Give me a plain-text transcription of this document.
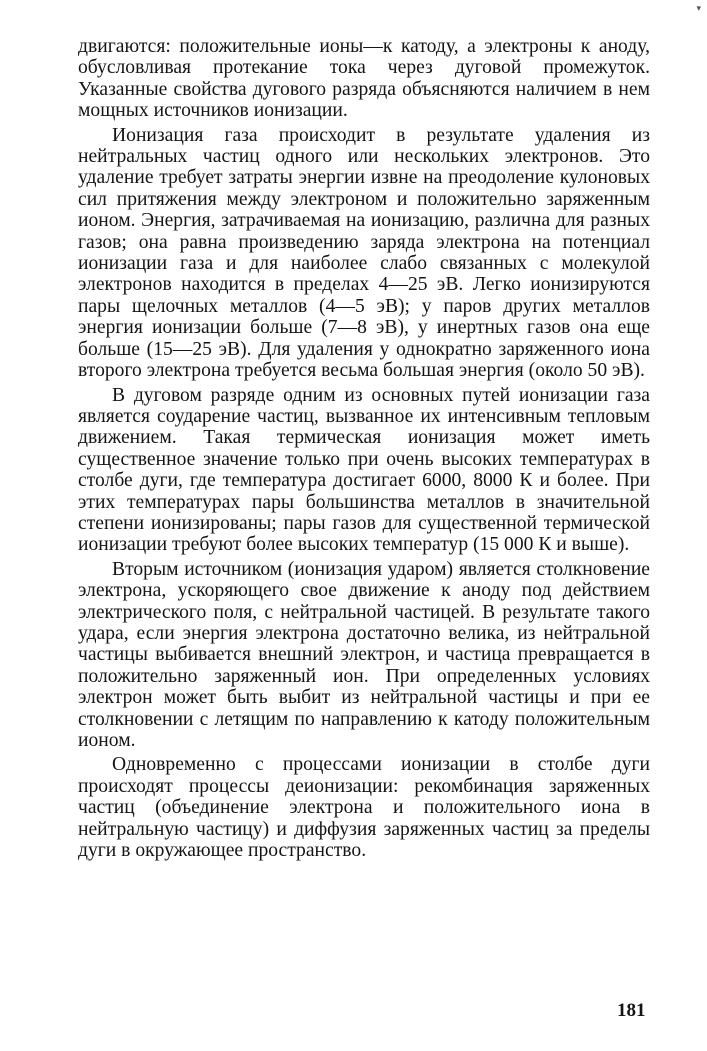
▾

двигаются: положительные ионы—к катоду, а электроны к аноду, обусловливая протекание тока через дуговой промежуток. Указанные свойства дугового разряда объясняются наличием в нем мощных источников ионизации.

Ионизация газа происходит в результате удаления из нейтральных частиц одного или нескольких электронов. Это удаление требует затраты энергии извне на преодоление кулоновых сил притяжения между электроном и положительно заряженным ионом. Энергия, затрачиваемая на ионизацию, различна для разных газов; она равна произведению заряда электрона на потенциал ионизации газа и для наиболее слабо связанных с молекулой электронов находится в пределах 4—25 эВ. Легко ионизируются пары щелочных металлов (4—5 эВ); у паров других металлов энергия ионизации больше (7—8 эВ), у инертных газов она еще больше (15—25 эВ). Для удаления у однократно заряженного иона второго электрона требуется весьма большая энергия (около 50 эВ).

В дуговом разряде одним из основных путей ионизации газа является соударение частиц, вызванное их интенсивным тепловым движением. Такая термическая ионизация может иметь существенное значение только при очень высоких температурах в столбе дуги, где температура достигает 6000, 8000 К и более. При этих температурах пары большинства металлов в значительной степени ионизированы; пары газов для существенной термической ионизации требуют более высоких температур (15 000 К и выше).

Вторым источником (ионизация ударом) является столкновение электрона, ускоряющего свое движение к аноду под действием электрического поля, с нейтральной частицей. В результате такого удара, если энергия электрона достаточно велика, из нейтральной частицы выбивается внешний электрон, и частица превращается в положительно заряженный ион. При определенных условиях электрон может быть выбит из нейтральной частицы и при ее столкновении с летящим по направлению к катоду положительным ионом.

Одновременно с процессами ионизации в столбе дуги происходят процессы деионизации: рекомбинация заряженных частиц (объединение электрона и положительного иона в нейтральную частицу) и диффузия заряженных частиц за пределы дуги в окружающее пространство.

181
